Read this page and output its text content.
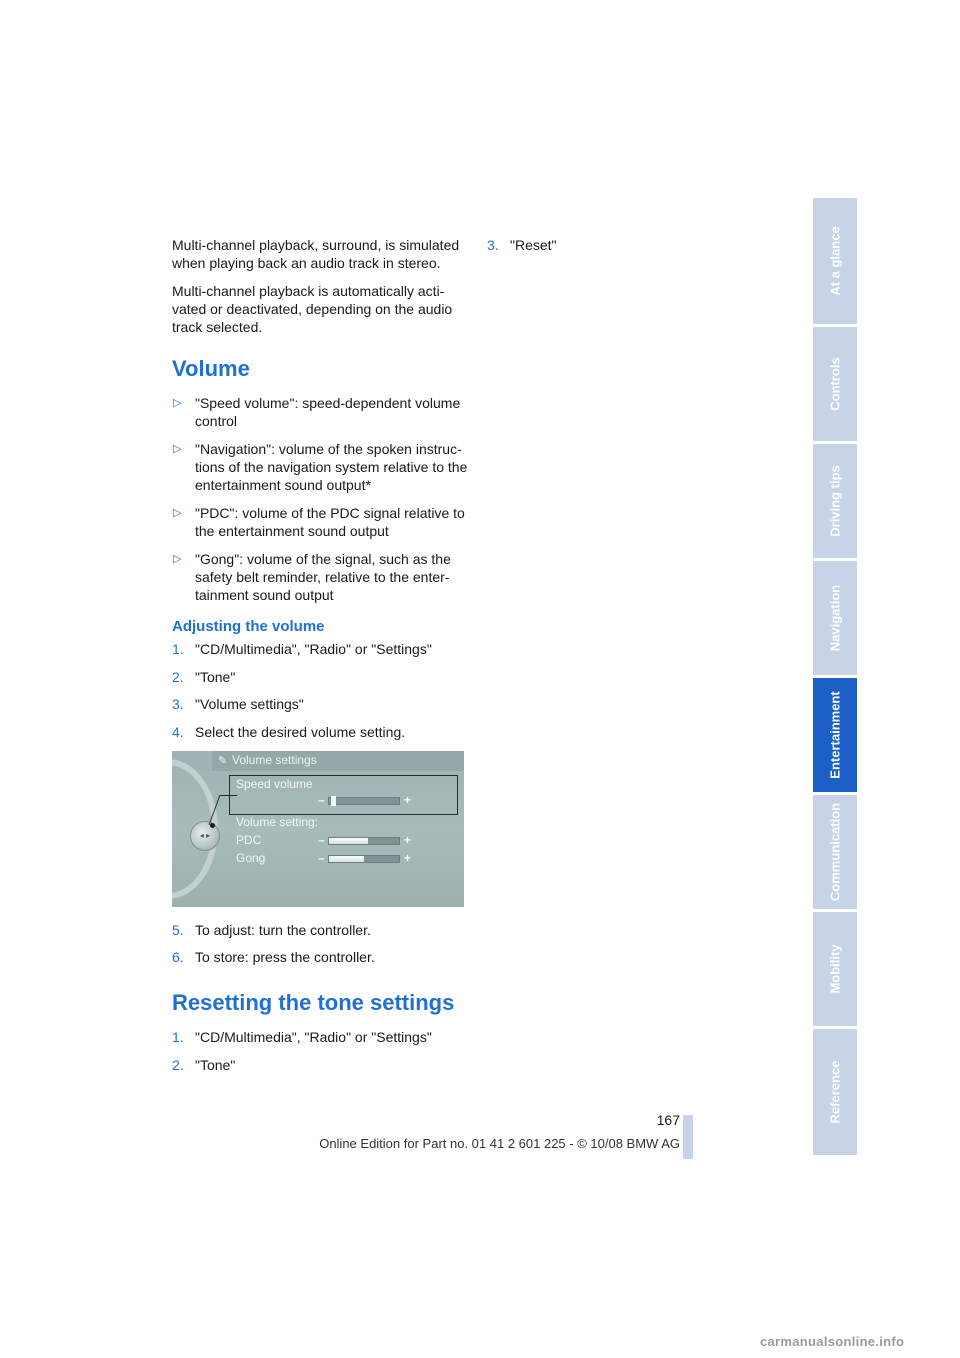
Multi-channel playback, surround, is simulated when playing back an audio track in stereo.

Multi-channel playback is automatically acti-vated or deactivated, depending on the audio track selected.

Volume
▷ "Speed volume": speed-dependent volume control
▷ "Navigation": volume of the spoken instruc-tions of the navigation system relative to the entertainment sound output*
▷ "PDC": volume of the PDC signal relative to the entertainment sound output
▷ "Gong": volume of the signal, such as the safety belt reminder, relative to the enter-tainment sound output
Adjusting the volume
1. "CD/Multimedia", "Radio" or "Settings"
2. "Tone"
3. "Volume settings"
4. Select the desired volume setting.
◂ ▸
✎ Volume settings
Speed volume
–	+
Volume setting:
PDC	–	+
Gong	–	+
5. To adjust: turn the controller.
6. To store: press the controller.
Resetting the tone settings
1. "CD/Multimedia", "Radio" or "Settings"
2. "Tone"
3. "Reset"	At a glance
Controls
Driving tips
Navigation
Entertainment
Communication
Mobility
Reference
167
Online Edition for Part no. 01 41 2 601 225 - © 10/08 BMW AG
carmanualsonline.info
